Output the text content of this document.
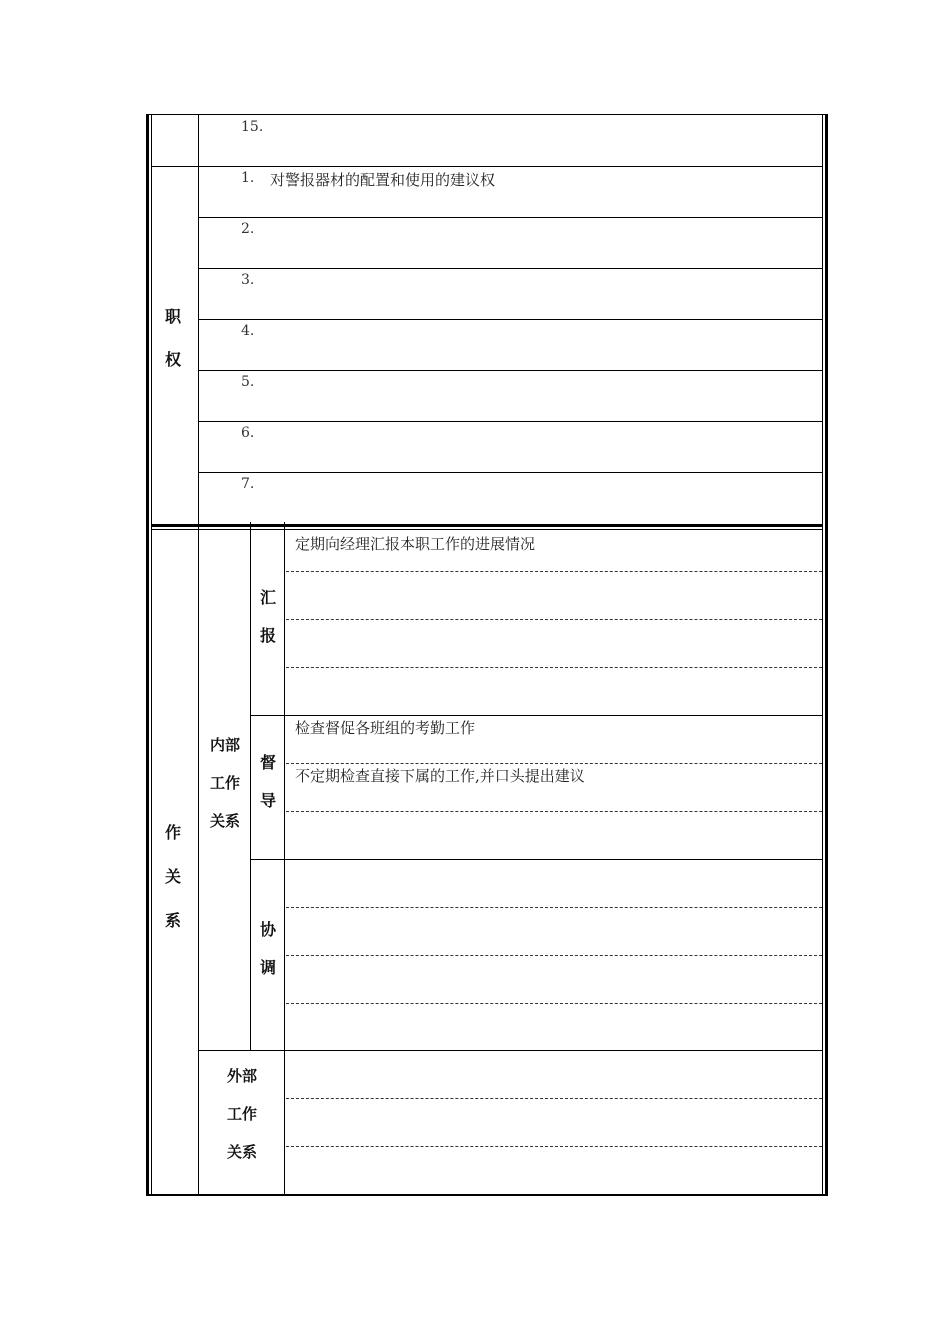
15.
职
权
1. 对警报器材的配置和使用的建议权
2.
3.
4.
5.
6.
7.
作
关
系
内部
工作
关系
汇
报
定期向经理汇报本职工作的进展情况
督
导
检查督促各班组的考勤工作
不定期检查直接下属的工作,并口头提出建议
协
调
外部
工作
关系
